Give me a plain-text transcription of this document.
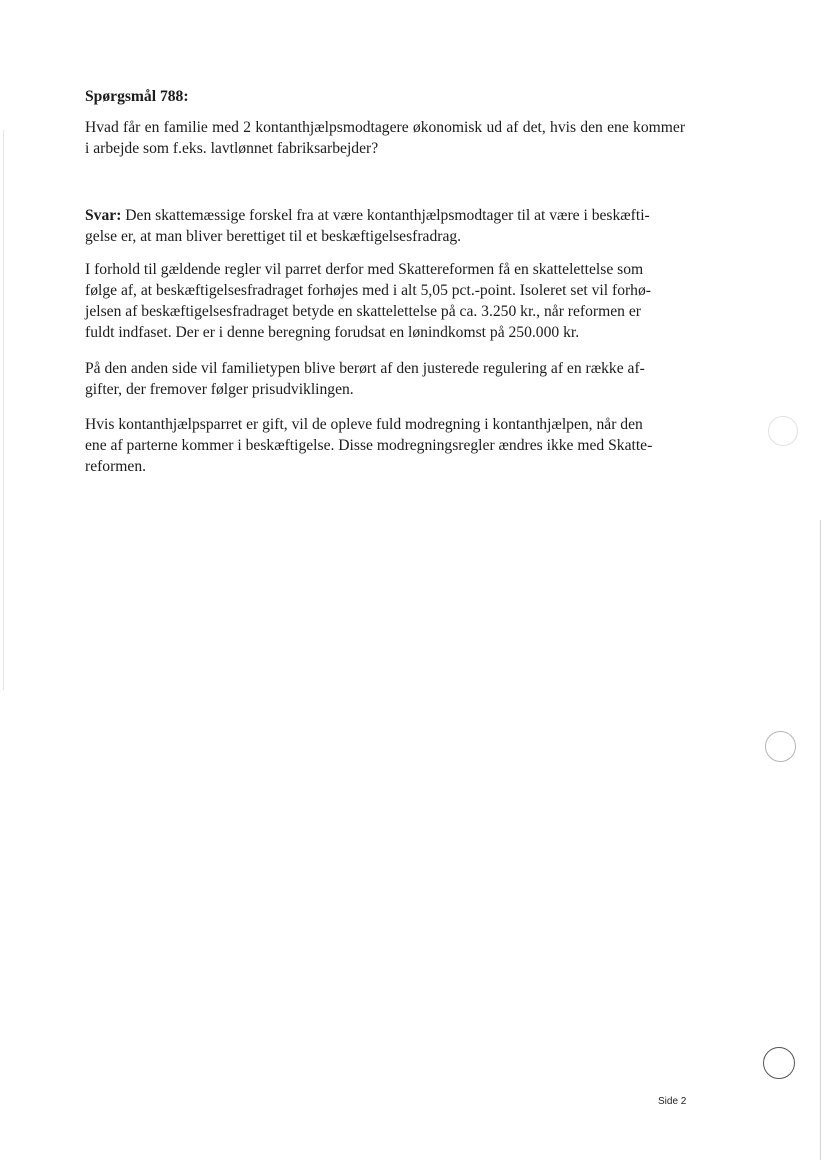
Spørgsmål 788:
Hvad får en familie med 2 kontanthjælpsmodtagere økonomisk ud af det, hvis den ene kommer i arbejde som f.eks. lavtlønnet fabriksarbejder?
Svar: Den skattemæssige forskel fra at være kontanthjælpsmodtager til at være i beskæfti-
gelse er, at man bliver berettiget til et beskæftigelsesfradrag.
I forhold til gældende regler vil parret derfor med Skattereformen få en skattelettelse som
følge af, at beskæftigelsesfradraget forhøjes med i alt 5,05 pct.-point. Isoleret set vil forhø-
jelsen af beskæftigelsesfradraget betyde en skattelettelse på ca. 3.250 kr., når reformen er
fuldt indfaset. Der er i denne beregning forudsat en lønindkomst på 250.000 kr.
På den anden side vil familietypen blive berørt af den justerede regulering af en række af-
gifter, der fremover følger prisudviklingen.
Hvis kontanthjælpsparret er gift, vil de opleve fuld modregning i kontanthjælpen, når den
ene af parterne kommer i beskæftigelse. Disse modregningsregler ændres ikke med Skatte-
reformen.
Side 2
